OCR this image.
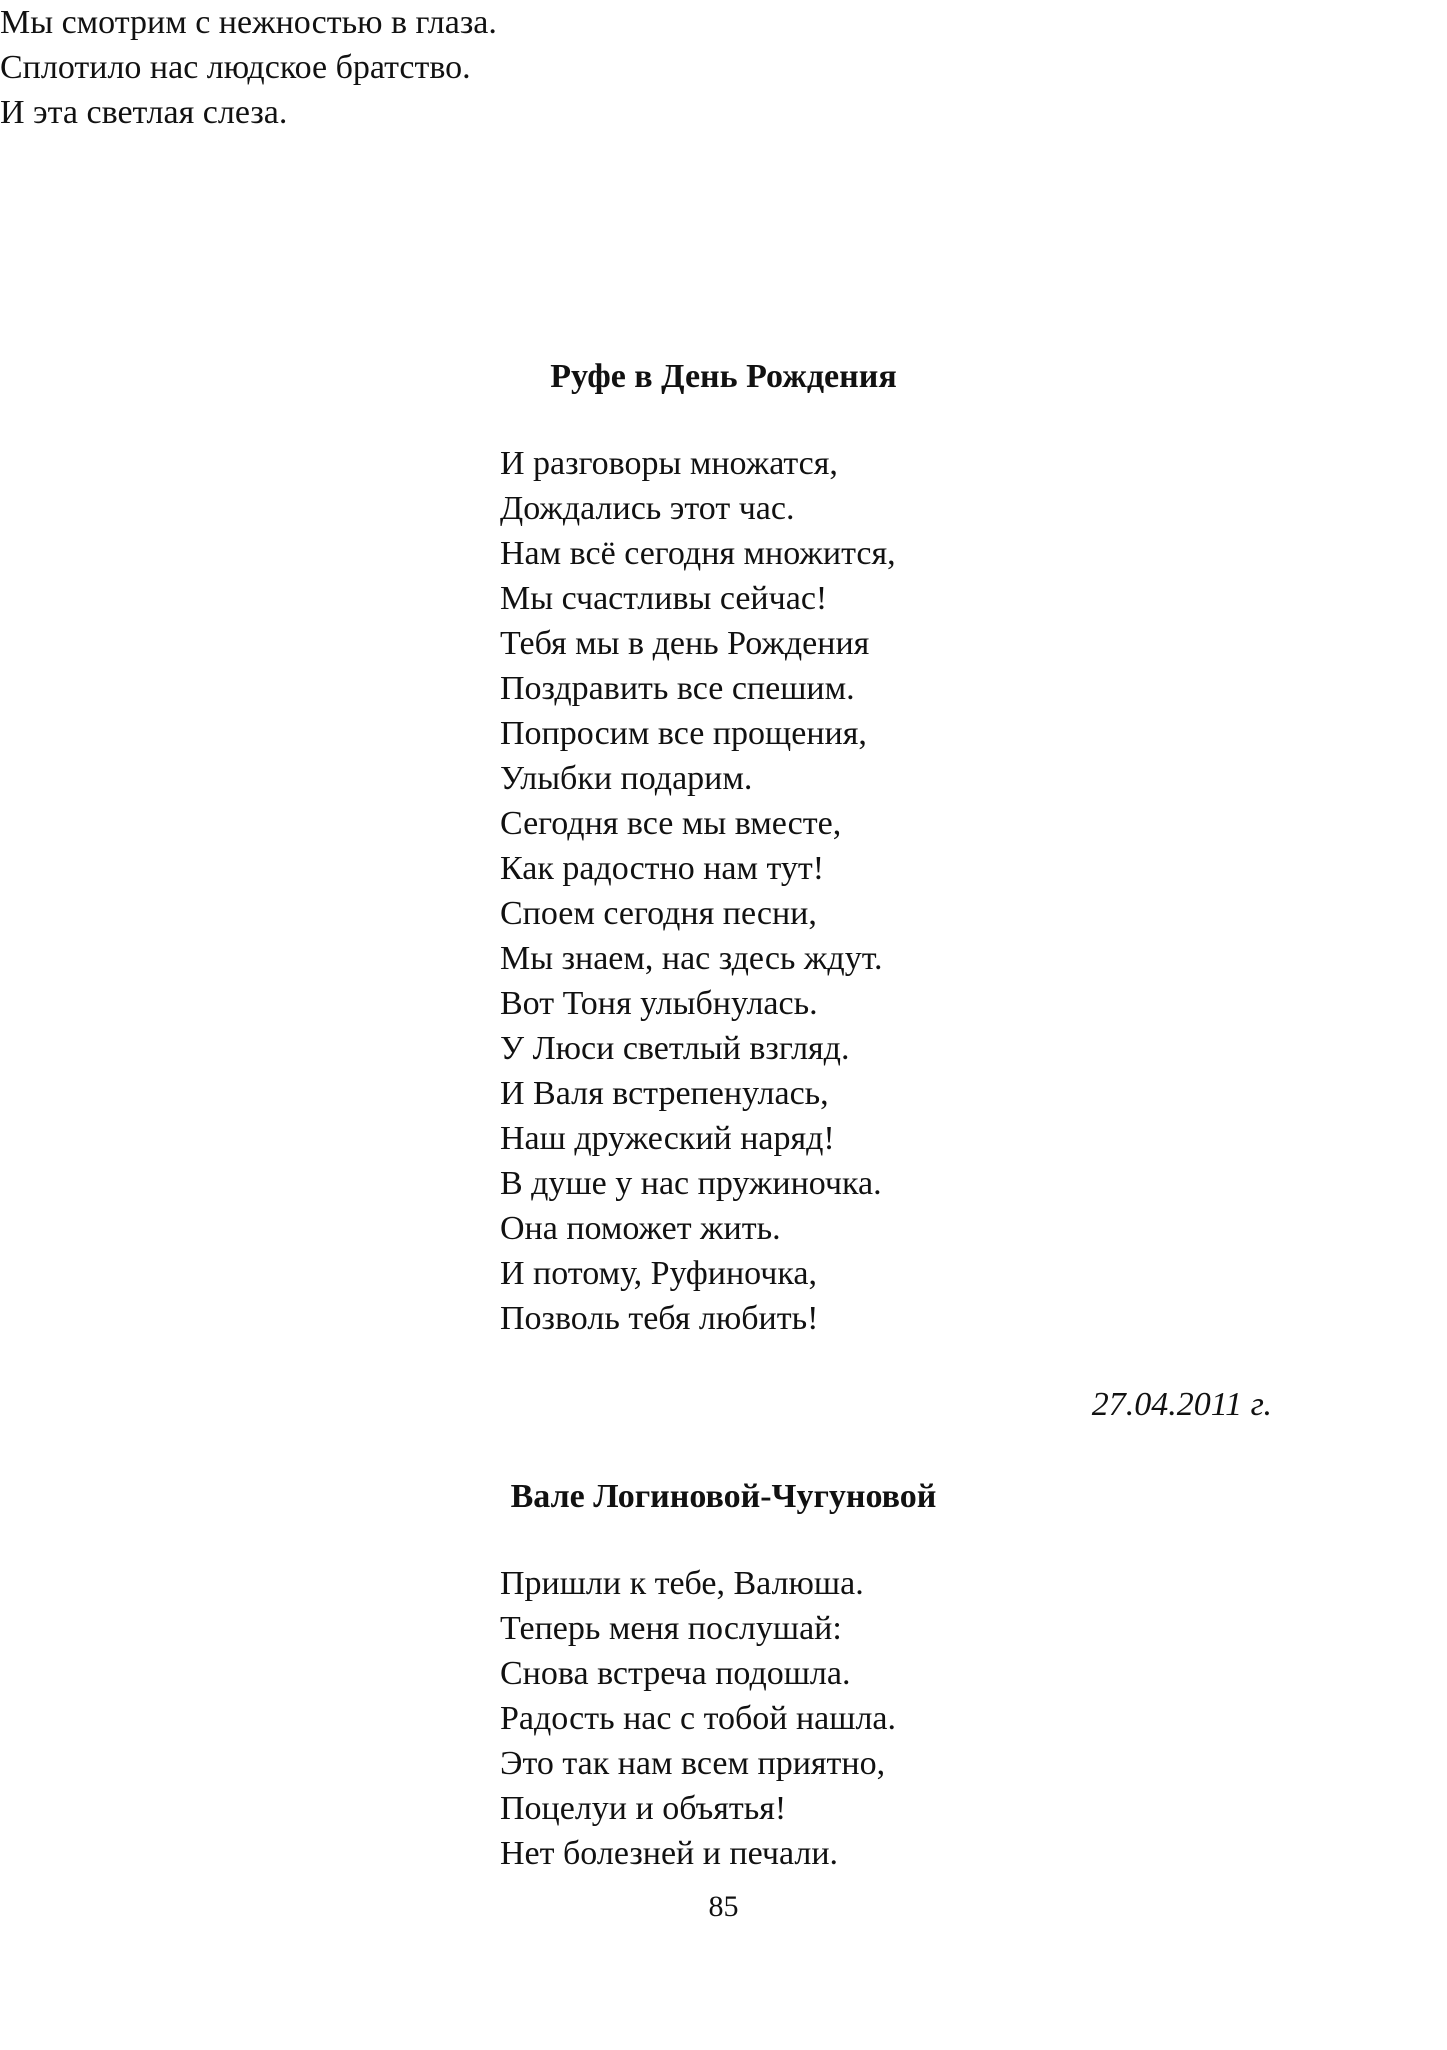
Мы смотрим с нежностью в глаза.
Сплотило нас людское братство.
И эта светлая слеза.
Руфе в День Рождения
И разговоры множатся,
Дождались этот час.
Нам всё сегодня множится,
Мы счастливы сейчас!
Тебя мы в день Рождения
Поздравить все спешим.
Попросим все прощения,
Улыбки подарим.
Сегодня все мы вместе,
Как радостно нам тут!
Споем сегодня песни,
Мы знаем, нас здесь ждут.
Вот Тоня улыбнулась.
У Люси светлый взгляд.
И Валя встрепенулась,
Наш дружеский наряд!
В душе у нас пружиночка.
Она поможет жить.
И потому, Руфиночка,
Позволь тебя любить!
27.04.2011 г.
Вале Логиновой-Чугуновой
Пришли к тебе, Валюша.
Теперь меня послушай:
Снова встреча подошла.
Радость нас с тобой нашла.
Это так нам всем приятно,
Поцелуи и объятья!
Нет болезней и печали.
85
